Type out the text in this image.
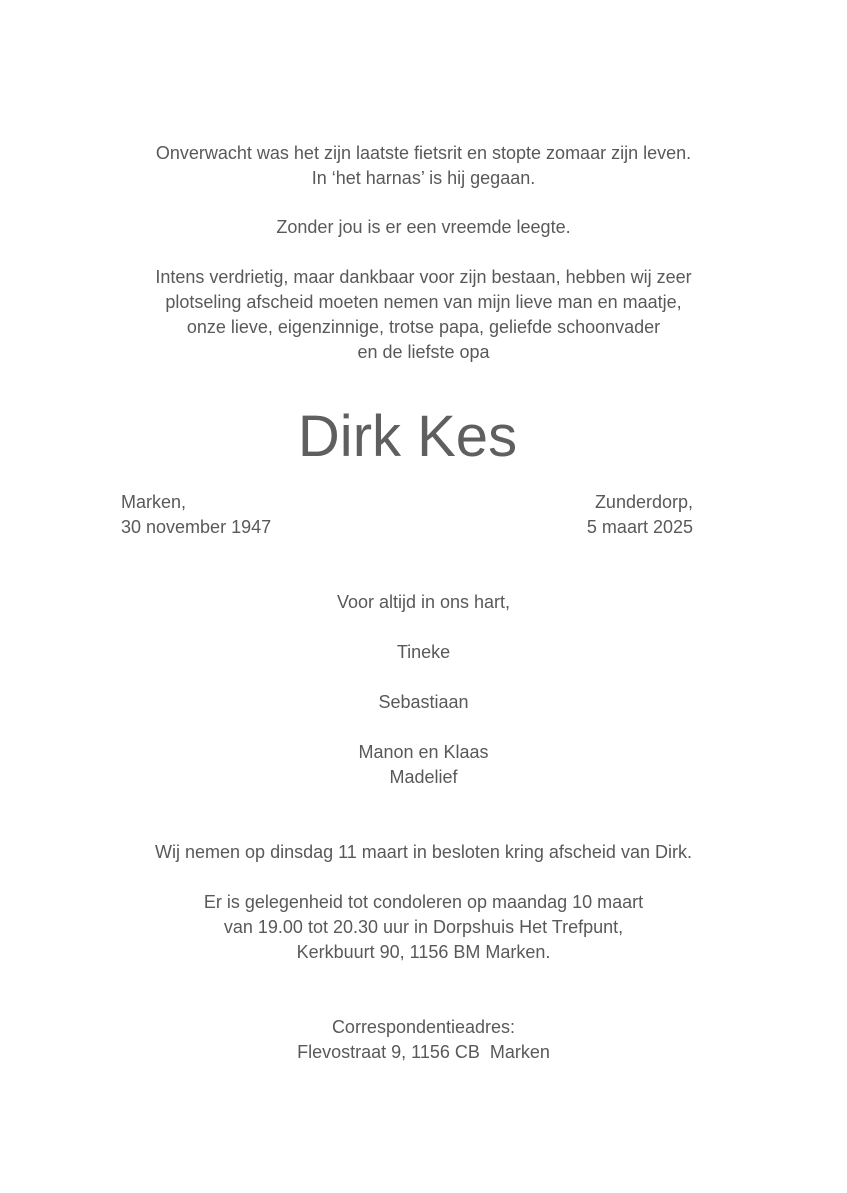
Onverwacht was het zijn laatste fietsrit en stopte zomaar zijn leven.
In ‘het harnas’ is hij gegaan.
Zonder jou is er een vreemde leegte.
Intens verdrietig, maar dankbaar voor zijn bestaan, hebben wij zeer
plotseling afscheid moeten nemen van mijn lieve man en maatje,
onze lieve, eigenzinnige, trotse papa, geliefde schoonvader
en de liefste opa
Dirk Kes
Marken,
30 november 1947
Zunderdorp,
5 maart 2025
Voor altijd in ons hart,
Tineke
Sebastiaan
Manon en Klaas
Madelief
Wij nemen op dinsdag 11 maart in besloten kring afscheid van Dirk.
Er is gelegenheid tot condoleren op maandag 10 maart
van 19.00 tot 20.30 uur in Dorpshuis Het Trefpunt,
Kerkbuurt 90, 1156 BM Marken.
Correspondentieadres:
Flevostraat 9, 1156 CB  Marken
